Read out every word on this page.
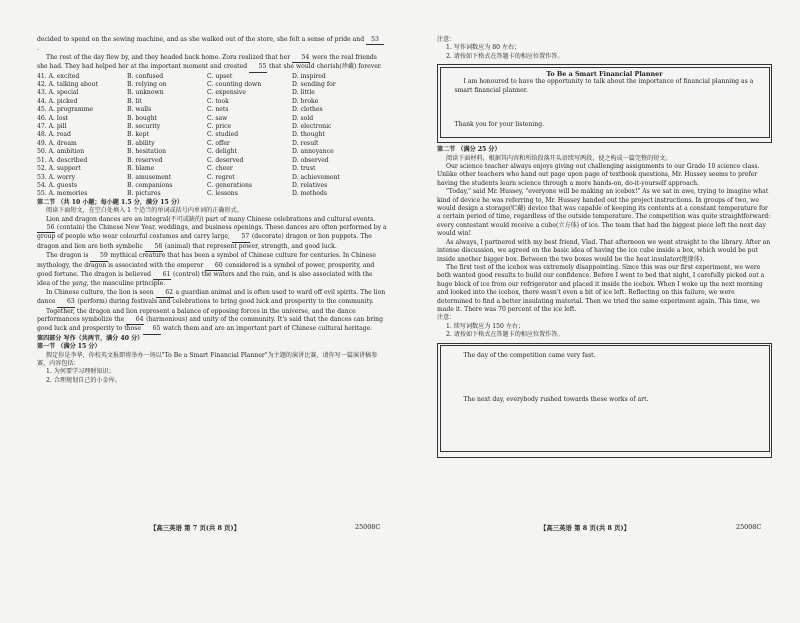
decided to spend on the sewing machine, and as she walked out of the store, she felt a sense of pride and 53 .

The rest of the day flew by, and they headed back home. Zora realized that her 54 were the real friends she had. They had helped her at the important moment and created 55 that she would cherish(珍藏) forever.

41. A. excited	B. confused	C. upset	D. inspired
42. A. talking about	B. relying on	C. counting down	D. sending for
43. A. special	B. unknown	C. expensive	D. little
44. A. picked	B. lit	C. took	D. broke
45. A. programme	B. walls	C. nets	D. clothes
46. A. lost	B. bought	C. saw	D. sold
47. A. pill	B. security	C. price	D. electronic
48. A. read	B. kept	C. studied	D. thought
49. A. dream	B. ability	C. offer	D. result
50. A. ambition	B. hesitation	C. delight	D. annoyance
51. A. described	B. reserved	C. deserved	D. observed
52. A. support	B. blame	C. cheer	D. trust
53. A. worry	B. amusement	C. regret	D. achievement
54. A. guests	B. companions	C. generations	D. relatives
55. A. memories	B. pictures	C. lessons	D. methods

第二节 （共 10 小题；每小题 1.5 分，满分 15 分）

阅读下面短文，在空白处填入 1 个适当的单词或括号内单词的正确形式。

Lion and dragon dances are an integral(不可或缺的) part of many Chinese celebrations and cultural events. 56 (contain) the Chinese New Year, weddings, and business openings. These dances are often performed by a group of people who wear colourful costumes and carry large, 57 (decorate) dragon or lion puppets. The dragon and lion are both symbolic 58 (animal) that represent power, strength, and good luck.

The dragon is 59 mythical creature that has been a symbol of Chinese culture for centuries. In Chinese mythology, the dragon is associated with the emperor 60 considered is a symbol of power, prosperity, and good fortune. The dragon is believed 61 (control) the waters and the rain, and is also associated with the idea of the yang, the masculine principle.

In Chinese culture, the lion is seen 62 a guardian animal and is often used to ward off evil spirits. The lion dance 63 (perform) during festivals and celebrations to bring good luck and prosperity to the community.

Together, the dragon and lion represent a balance of opposing forces in the universe, and the dance performances symbolize the 64 (harmonious) and unity of the community. It's said that the dances can bring good luck and prosperity to those 65 watch them and are an important part of Chinese cultural heritage.

第四部分 写作（共两节，满分 40 分）

第一节 （满分 15 分）

假定你是李华，你校英文报即将举办一场以"To Be a Smart Financial Planner"为主题的演讲比赛，请你写一篇演讲稿参赛，内容包括：

1. 为何要学习理财知识；

2. 合理规划自己的小金库。

【高三英语 第 7 页(共 8 页)】	25008C

注意：

1. 写作词数应为 80 左右；

2. 请按如下格式在答题卡的相应位置作答。

To Be a Smart Financial Planner

I am honoured to have the opportunity to talk about the importance of financial planning as a smart financial planner.

Thank you for your listening.

第二节 （满分 25 分）

阅读下面材料，根据其内容和所给段落开头语续写两段，使之构成一篇完整的短文。

Our science teacher always enjoys giving out challenging assignments to our Grade 10 science class. Unlike other teachers who hand out page upon page of textbook questions, Mr. Hussey seems to prefer having the students learn science through a more hands-on, do-it-yourself approach.

"Today," said Mr. Hussey, "everyone will be making an icebox!" As we sat in awe, trying to imagine what kind of device he was referring to, Mr. Hussey handed out the project instructions. In groups of two, we would design a storage(贮藏) device that was capable of keeping its contents at a constant temperature for a certain period of time, regardless of the outside temperature. The competition was quite straightforward: every contestant would receive a cube(立方体) of ice. The team that had the biggest piece left the next day would win!

As always, I partnered with my best friend, Vlad. That afternoon we went straight to the library. After an intense discussion, we agreed on the basic idea of having the ice cube inside a box, which would be put inside another bigger box. Between the two boxes would be the heat insulator(绝缘体).

The first test of the icebox was extremely disappointing. Since this was our first experiment, we were both wanted good results to build our confidence. Before I went to bed that night, I carefully picked out a huge block of ice from our refrigerator and placed it inside the icebox. When I woke up the next morning and looked into the icebox, there wasn't even a bit of ice left. Reflecting on this failure, we were determined to find a better insulating material. Then we tried the same experiment again. This time, we made it. There was 70 percent of the ice left.

注意：

1. 续写词数应为 150 左右；

2. 请按如下格式在答题卡的相应位置作答。

The day of the competition came very fast.

The next day, everybody rushed towards these works of art.

【高三英语 第 8 页(共 8 页)】	25008C
